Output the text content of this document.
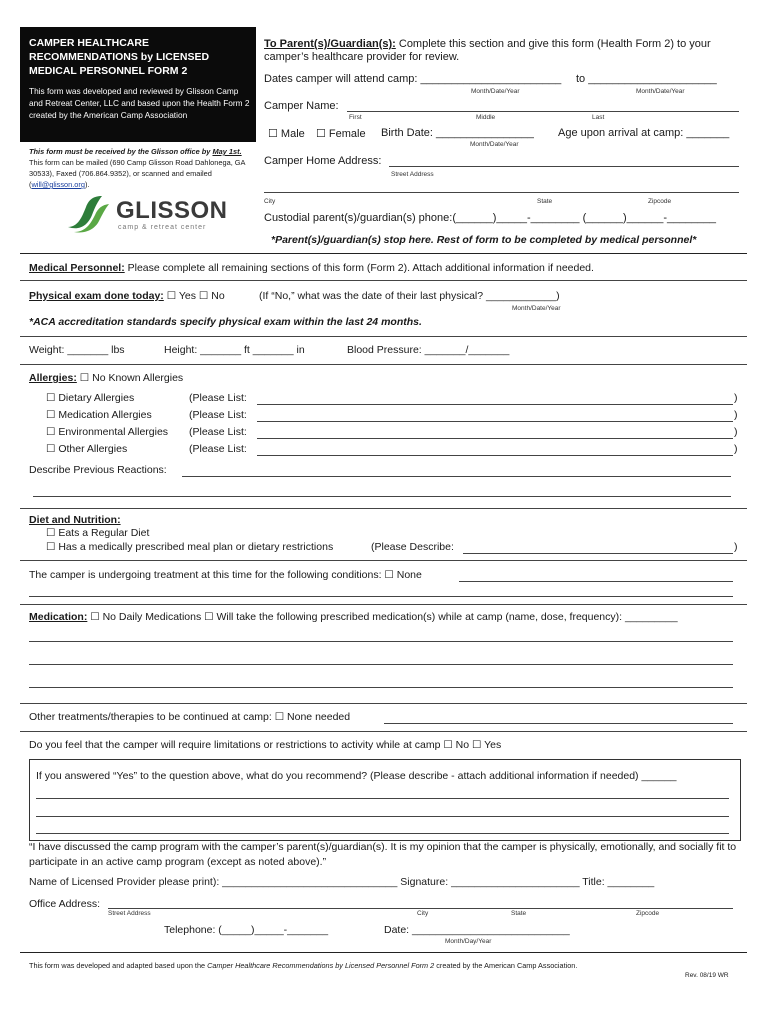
CAMPER HEALTHCARE RECOMMENDATIONS by LICENSED MEDICAL PERSONNEL FORM 2
This form was developed and reviewed by Glisson Camp and Retreat Center, LLC and based upon the Health Form 2 created by the American Camp Association
This form must be received by the Glisson office by May 1st. This form can be mailed (690 Camp Glisson Road Dahlonega, GA 30533), Faxed (706.864.9352), or scanned and emailed (will@glisson.org).
GLISSON
camp & retreat center
To Parent(s)/Guardian(s): Complete this section and give this form (Health Form 2) to your
camper’s healthcare provider for review.
Dates camper will attend camp: _______________________ to _____________________
Month/Date/Year	Month/Date/Year
Camper Name:
First	Middle	Last
☐ Male ☐ Female Birth Date: ________________ Age upon arrival at camp: _______
Month/Date/Year
Camper Home Address:
Street Address
City	State	Zipcode
Custodial parent(s)/guardian(s) phone:(______)_____-________ (______)______-________
*Parent(s)/guardian(s) stop here. Rest of form to be completed by medical personnel*
Medical Personnel: Please complete all remaining sections of this form (Form 2). Attach additional information if needed.
Physical exam done today: ☐ Yes ☐ No	(If “No,” what was the date of their last physical? ____________)
Month/Date/Year
*ACA accreditation standards specify physical exam within the last 24 months.
Weight: _______ lbs	Height: _______ ft _______ in	Blood Pressure: _______/_______
Allergies: ☐ No Known Allergies
☐ Dietary Allergies	(Please List:	)
☐ Medication Allergies	(Please List:	)
☐ Environmental Allergies (Please List:	)
☐ Other Allergies	(Please List:	)
Describe Previous Reactions:
Diet and Nutrition:
☐ Eats a Regular Diet
☐ Has a medically prescribed meal plan or dietary restrictions	(Please Describe:	)
The camper is undergoing treatment at this time for the following conditions: ☐ None
Medication: ☐ No Daily Medications ☐ Will take the following prescribed medication(s) while at camp (name, dose, frequency): _________
Other treatments/therapies to be continued at camp: ☐ None needed
Do you feel that the camper will require limitations or restrictions to activity while at camp ☐ No ☐ Yes
If you answered “Yes” to the question above, what do you recommend? (Please describe - attach additional information if needed) ______
“I have discussed the camp program with the camper’s parent(s)/guardian(s). It is my opinion that the camper is physically, emotionally, and socially fit to participate in an active camp program (except as noted above).”
Name of Licensed Provider please print): ______________________________ Signature: ______________________ Title: ________
Office Address:
Street Address	City	State	Zipcode
Telephone: (_____)_____-_______	Date: ___________________________
Month/Day/Year
This form was developed and adapted based upon the Camper Healthcare Recommendations by Licensed Personnel Form 2 created by the American Camp Association.
Rev. 08/19 WR
